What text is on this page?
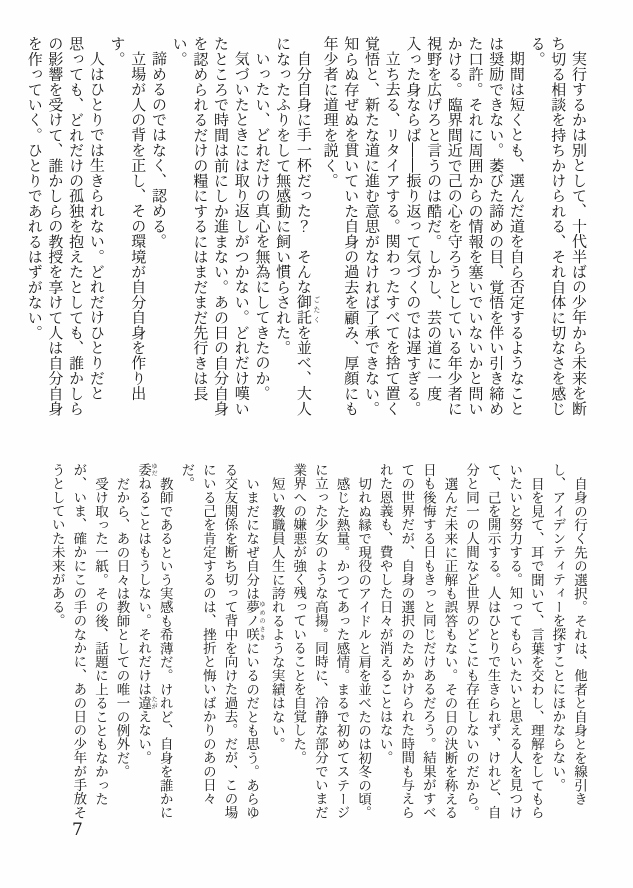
実行するかは別として、十代半ばの少年から未来を断ち切る相談を持ちかけられる、それ自体に切なさを感じる。

期間は短くとも、選んだ道を自ら否定するようなことは奨励できない。萎びた諦めの目、覚悟を伴い引き締めた口許。それに周囲からの情報を塞いでいないかと問いかける。臨界間近で己の心を守ろうとしている年少者に視野を広げろと言うのは酷だ。しかし、芸の道に一度入った身ならば――振り返って気づくのでは遅すぎる。

立ち去る、リタイアする。関わったすべてを捨て置く覚悟と、新たな道に進む意思がなければ了承できない。知らぬ存ぜぬを貫いていた自身の過去を顧み、厚顔にも年少者に道理を説く。

自分自身に手一杯だった？　そんな御託 ごたくを並べ、大人になったふりをして無感動に飼い慣らされた。

いったい、どれだけの真心を無為にしてきたのか。

気づいたときには取り返しがつかない。どれだけ嘆いたところで時間は前にしか進まない。あの日の自分自身を認められるだけの糧にするにはまだまだ先行きは長い。

諦めるのではなく、認める。

立場が人の背を正し、その環境が自分自身を作り出す。

人はひとりでは生きられない。どれだけひとりだと思っても、どれだけの孤独を抱えたとしても、誰かしらの影響を受けて、誰かしらの教授を享けて人は自分自身を作っていく。ひとりであれるはずがない。

自身の行く先の選択。それは、他者と自身とを線引きし、アイデンティティーを探すことにほかならない。

目を見て、耳で聞いて、言葉を交わし、理解をしてもらいたいと努力する。知ってもらいたいと思える人を見つけて、己を開示する。人はひとりで生きられず、けれど、自分と同一の人間など世界のどこにも存在しないのだから。

選んだ未来に正解も誤答もない。その日の決断を称える日も後悔する日もきっと同じだけあるだろう。結果がすべての世界だが、自身の選択のためかけられた時間も与えられた恩義も、費やした日々が消えることはない。

切れぬ縁で現役のアイドルと肩を並べたのは初冬の頃。

感じた熱量。かつてあった感情。まるで初めてステージに立った少女のような高揚。同時に、冷静な部分でいまだ業界への嫌悪が強く残っていることを自覚した。

短い教職員人生に誇れるような実績はない。

いまだになぜ自分は夢ノ咲 ゆめのさきにいるのだとも思う。あらゆる交友関係を断ち切って背中を向けた過去。だが、この場にいる己を肯定するのは、挫折と悔いばかりのあの日々だ。

教師であるという実感も希薄だ。けれど、自身を誰かに委 ゆだねることはもうしない。それだけは違 たがえない。

だから、あの日々は教師としての唯一の例外だ。

受け取った一紙。その後、話題に上ることもなかったが、いま、確かにこの手のなかに、あの日の少年が手放そうとしていた未来がある。

7
